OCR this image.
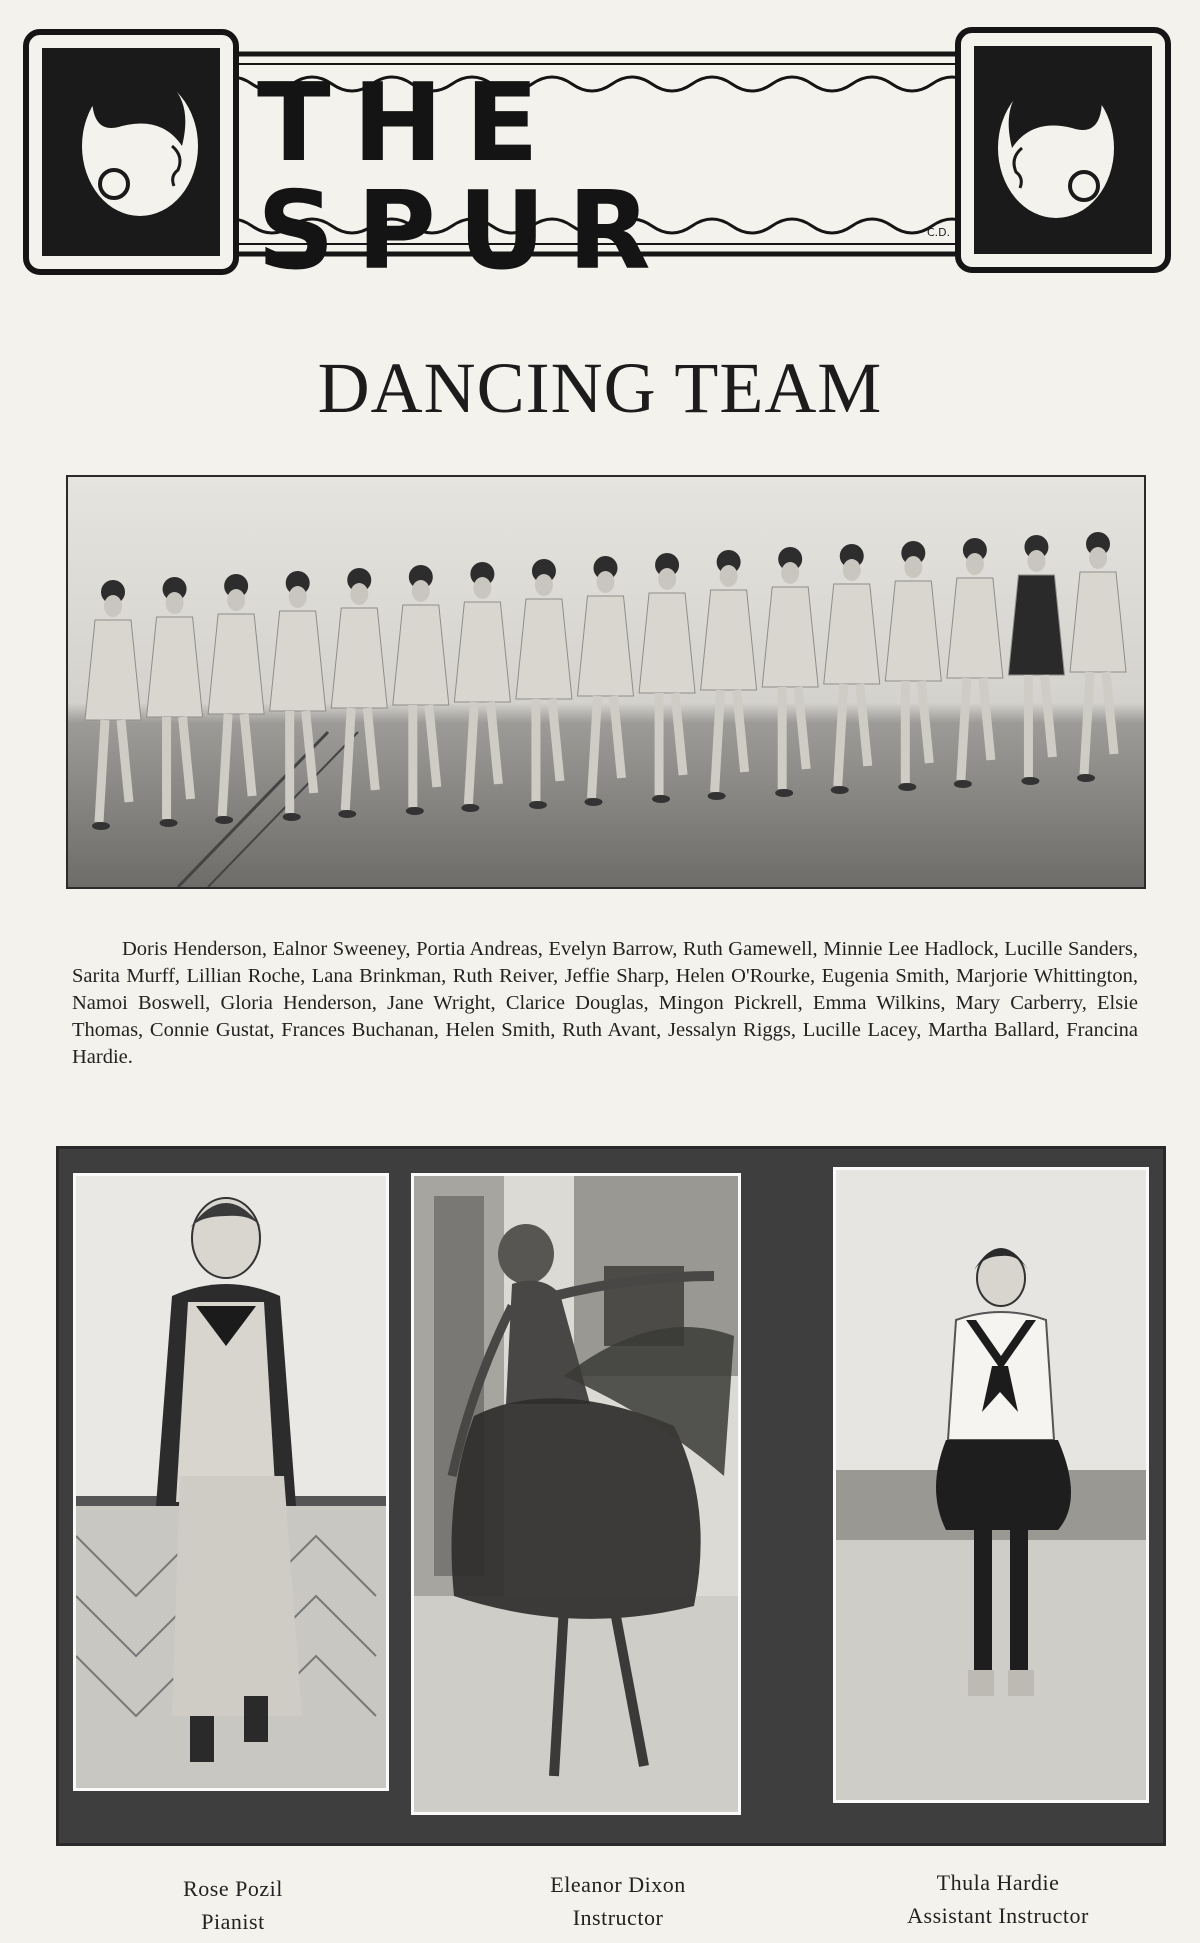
THE SPUR	C.D.
DANCING TEAM

Doris Henderson, Ealnor Sweeney, Portia Andreas, Evelyn Barrow, Ruth Gamewell, Minnie Lee Hadlock, Lucille Sanders, Sarita Murff, Lillian Roche, Lana Brinkman, Ruth Reiver, Jeffie Sharp, Helen O'Rourke, Eugenia Smith, Marjorie Whittington, Namoi Boswell, Gloria Henderson, Jane Wright, Clarice Douglas, Mingon Pickrell, Emma Wilkins, Mary Carberry, Elsie Thomas, Connie Gustat, Frances Buchanan, Helen Smith, Ruth Avant, Jessalyn Riggs, Lucille Lacey, Martha Ballard, Francina Hardie.

Rose Pozil
Pianist
Eleanor Dixon
Instructor
Thula Hardie
Assistant Instructor
